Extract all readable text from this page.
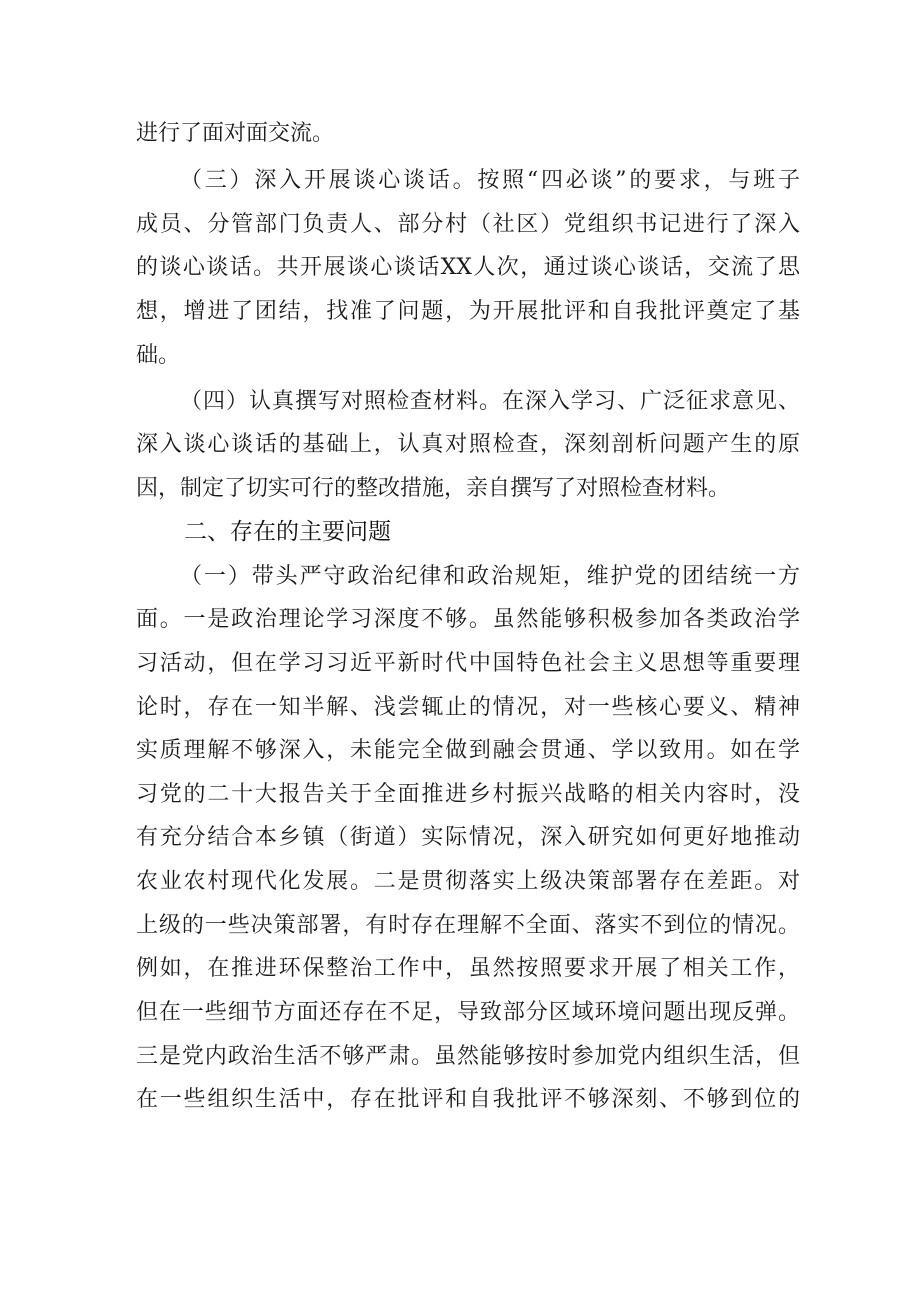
进行了面对面交流。
（三）深入开展谈心谈话。按照“四必谈”的要求，与班子
成员、分管部门负责人、部分村（社区）党组织书记进行了深入
的谈心谈话。共开展谈心谈话XX人次，通过谈心谈话，交流了思
想，增进了团结，找准了问题，为开展批评和自我批评奠定了基
础。
（四）认真撰写对照检查材料。在深入学习、广泛征求意见、
深入谈心谈话的基础上，认真对照检查，深刻剖析问题产生的原
因，制定了切实可行的整改措施，亲自撰写了对照检查材料。
二、存在的主要问题
（一）带头严守政治纪律和政治规矩，维护党的团结统一方
面。一是政治理论学习深度不够。虽然能够积极参加各类政治学
习活动，但在学习习近平新时代中国特色社会主义思想等重要理
论时，存在一知半解、浅尝辄止的情况，对一些核心要义、精神
实质理解不够深入，未能完全做到融会贯通、学以致用。如在学
习党的二十大报告关于全面推进乡村振兴战略的相关内容时，没
有充分结合本乡镇（街道）实际情况，深入研究如何更好地推动
农业农村现代化发展。二是贯彻落实上级决策部署存在差距。对
上级的一些决策部署，有时存在理解不全面、落实不到位的情况。
例如，在推进环保整治工作中，虽然按照要求开展了相关工作，
但在一些细节方面还存在不足，导致部分区域环境问题出现反弹。
三是党内政治生活不够严肃。虽然能够按时参加党内组织生活，但
在一些组织生活中，存在批评和自我批评不够深刻、不够到位的
